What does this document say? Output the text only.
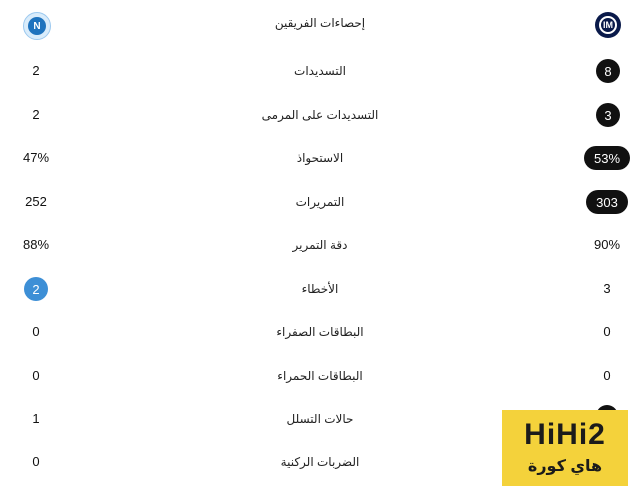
N	إحصاءات الفريقين	IM
2	التسديدات	8
2	التسديدات على المرمى	3
47%	الاستحواذ	53%
252	التمريرات	303
88%	دقة التمرير	90%
2	الأخطاء	3
0	البطاقات الصفراء	0
0	البطاقات الحمراء	0
1	حالات التسلل
0	الضربات الركنية
HiHi2
هاي كورة
